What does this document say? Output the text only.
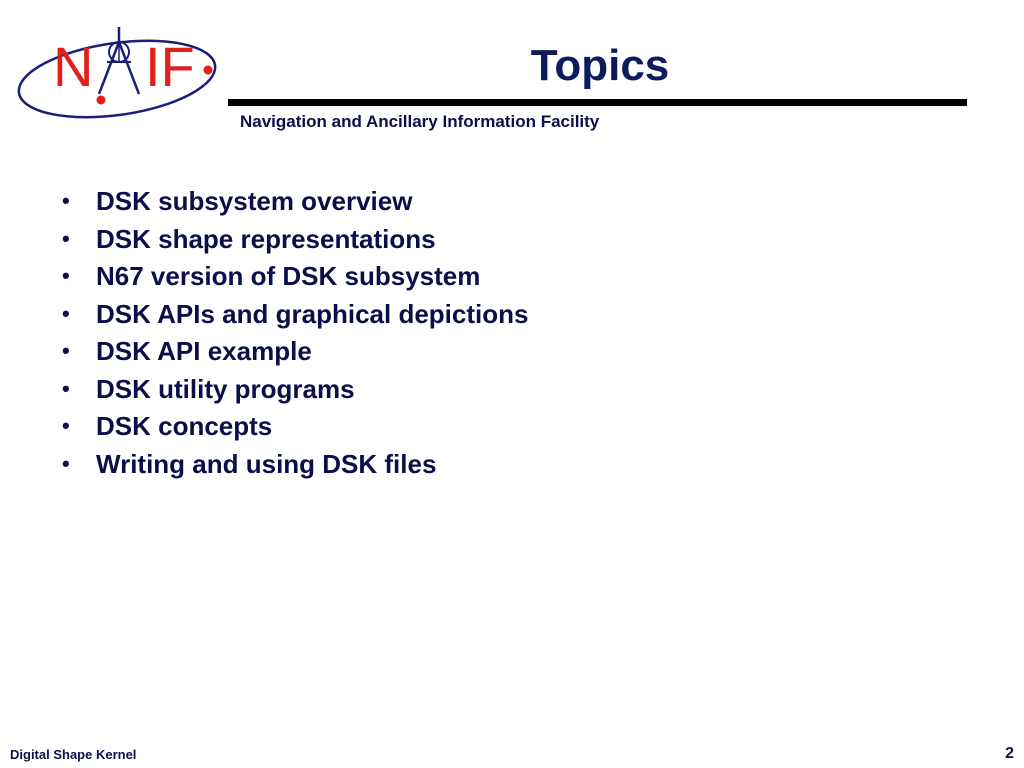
N IF	Topics
Navigation and Ancillary Information Facility
• DSK subsystem overview
• DSK shape representations
• N67 version of DSK subsystem
• DSK APIs and graphical depictions
• DSK API example
• DSK utility programs
• DSK concepts
• Writing and using DSK files
Digital Shape Kernel	2
